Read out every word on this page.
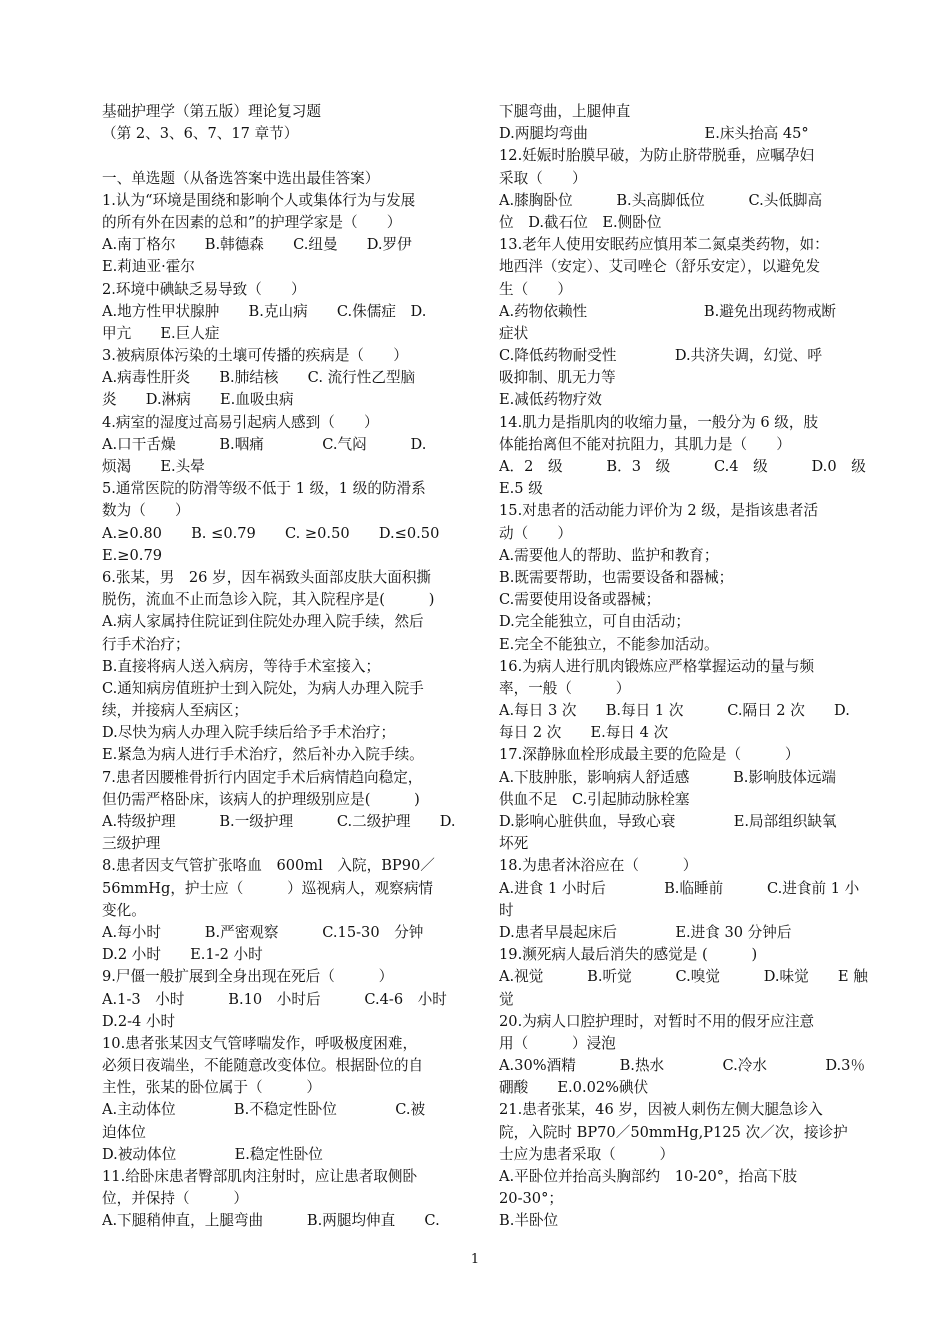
基础护理学（第五版）理论复习题
（第 2、3、6、7、17 章节）
一、单选题（从备选答案中选出最佳答案）
1.认为“环境是围绕和影响个人或集体行为与发展
的所有外在因素的总和”的护理学家是（　　）
A.南丁格尔　　B.韩德森　　C.纽曼　　D.罗伊
E.莉迪亚·霍尔
2.环境中碘缺乏易导致（　　）
A.地方性甲状腺肿　　B.克山病　　C.侏儒症　D.
甲亢　　E.巨人症
3.被病原体污染的土壤可传播的疾病是（　　）
A.病毒性肝炎　　B.肺结核　　C. 流行性乙型脑
炎　　D.淋病　　E.血吸虫病
4.病室的湿度过高易引起病人感到（　　）
A.口干舌燥　　　B.咽痛　　　　C.气闷　　　D.
烦渴　　E.头晕
5.通常医院的防滑等级不低于 1 级，1 级的防滑系
数为（　　）
A.≥0.80　　B. ≤0.79　　C. ≥0.50　　D.≤0.50
E.≥0.79
6.张某，男　26 岁，因车祸致头面部皮肤大面积撕
脱伤，流血不止而急诊入院，其入院程序是(　　　)
A.病人家属持住院证到住院处办理入院手续，然后
行手术治疗；
B.直接将病人送入病房，等待手术室接入；
C.通知病房值班护士到入院处，为病人办理入院手
续，并接病人至病区；
D.尽快为病人办理入院手续后给予手术治疗；
E.紧急为病人进行手术治疗，然后补办入院手续。
7.患者因腰椎骨折行内固定手术后病情趋向稳定，
但仍需严格卧床，该病人的护理级别应是(　　　)
A.特级护理　　　B.一级护理　　　C.二级护理　　D.
三级护理
8.患者因支气管扩张咯血　600ml　入院，BP90／
56mmHg，护士应（　　　）巡视病人，观察病情
变化。
A.每小时　　　B.严密观察　　　C.15-30　分钟
D.2 小时　　E.1-2 小时
9.尸僵一般扩展到全身出现在死后（　　　）
A.1-3　小时　　　B.10　小时后　　　C.4-6　小时
D.2-4 小时
10.患者张某因支气管哮喘发作，呼吸极度困难，
必须日夜端坐，不能随意改变体位。根据卧位的自
主性，张某的卧位属于（　　　）
A.主动体位　　　　B.不稳定性卧位　　　　C.被
迫体位
D.被动体位　　　　E.稳定性卧位
11.给卧床患者臀部肌肉注射时，应让患者取侧卧
位，并保持（　　　）
A.下腿稍伸直，上腿弯曲　　　B.两腿均伸直　　C.
下腿弯曲，上腿伸直
D.两腿均弯曲　　　　　　　　E.床头抬高 45°
12.妊娠时胎膜早破，为防止脐带脱垂，应嘱孕妇
采取（　　）
A.膝胸卧位　　　B.头高脚低位　　　C.头低脚高
位　D.截石位　E.侧卧位
13.老年人使用安眠药应慎用苯二氮桌类药物，如：
地西泮（安定）、艾司唑仑（舒乐安定），以避免发
生（　　）
A.药物依赖性　　　　　　　　B.避免出现药物戒断
症状
C.降低药物耐受性　　　　D.共济失调，幻觉、呼
吸抑制、肌无力等
E.减低药物疗效
14.肌力是指肌肉的收缩力量，一般分为 6 级，肢
体能抬离但不能对抗阻力，其肌力是（　　）
A．2　级　　　B．3　级　　　C.4　级　　　D.0　级
E.5 级
15.对患者的活动能力评价为 2 级，是指该患者活
动（　　）
A.需要他人的帮助、监护和教育；
B.既需要帮助，也需要设备和器械；
C.需要使用设备或器械；
D.完全能独立，可自由活动；
E.完全不能独立，不能参加活动。
16.为病人进行肌肉锻炼应严格掌握运动的量与频
率，一般（　　　）
A.每日 3 次　　B.每日 1 次　　　C.隔日 2 次　　D.
每日 2 次　　E.每日 4 次
17.深静脉血栓形成最主要的危险是（　　　）
A.下肢肿胀，影响病人舒适感　　　B.影响肢体远端
供血不足　C.引起肺动脉栓塞
D.影响心脏供血，导致心衰　　　　E.局部组织缺氧
坏死
18.为患者沐浴应在（　　　）
A.进食 1 小时后　　　　B.临睡前　　　C.进食前 1 小
时
D.患者早晨起床后　　　　E.进食 30 分钟后
19.濒死病人最后消失的感觉是 (　　　)
A.视觉　　　B.听觉　　　C.嗅觉　　　D.味觉　　E 触
觉
20.为病人口腔护理时，对暂时不用的假牙应注意
用（　　　）浸泡
A.30%酒精　　　B.热水　　　　C.冷水　　　　D.3％
硼酸　　E.0.02%碘伏
21.患者张某，46 岁，因被人刺伤左侧大腿急诊入
院，入院时 BP70／50mmHg,P125 次／次，接诊护
士应为患者采取（　　　）
A.平卧位并抬高头胸部约　10-20°，抬高下肢
20-30°；
B.半卧位
1
